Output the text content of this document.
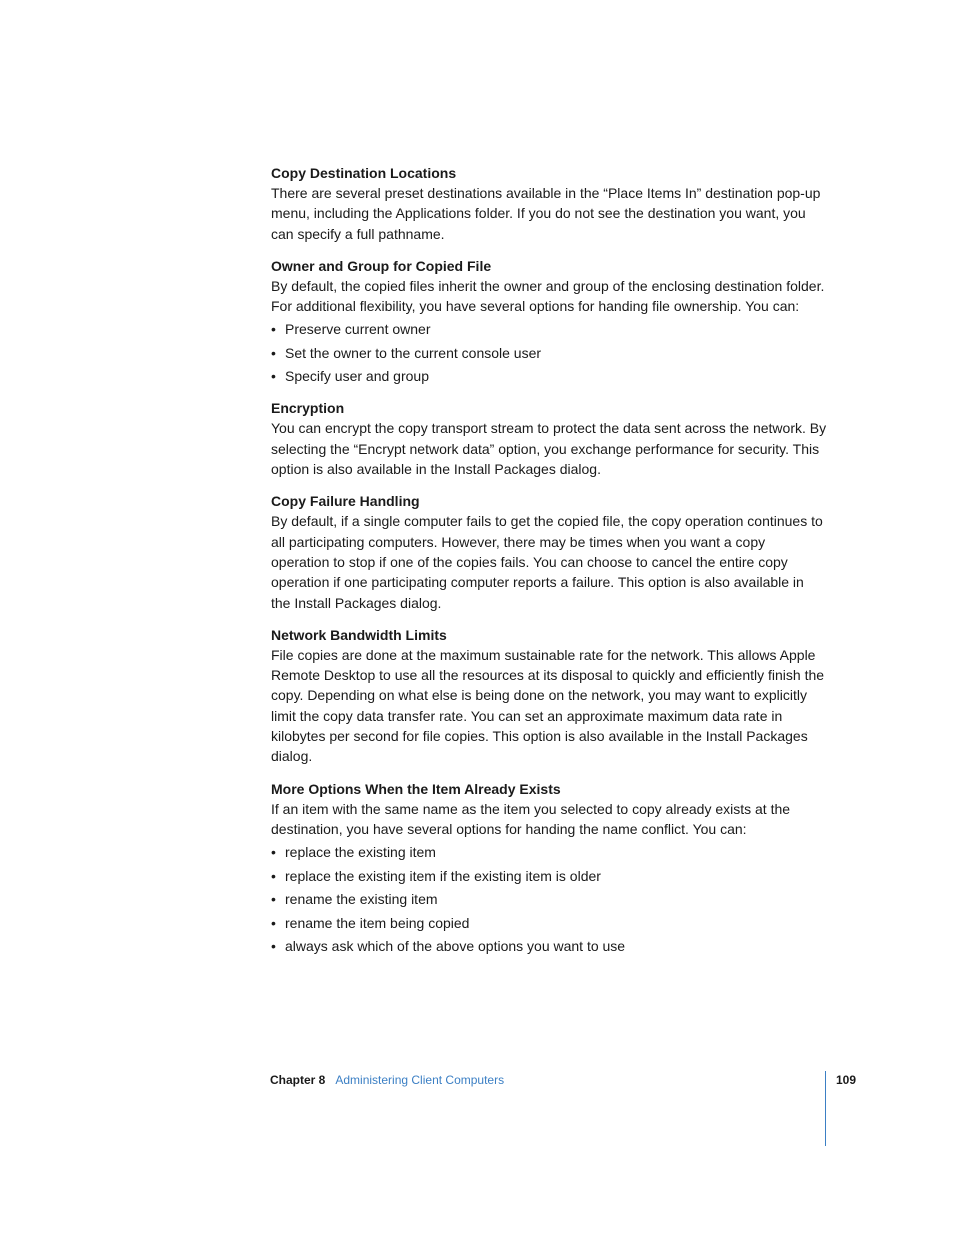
Copy Destination Locations

There are several preset destinations available in the “Place Items In” destination pop-up menu, including the Applications folder. If you do not see the destination you want, you can specify a full pathname.

Owner and Group for Copied File

By default, the copied files inherit the owner and group of the enclosing destination folder. For additional flexibility, you have several options for handing file ownership. You can:

• Preserve current owner
• Set the owner to the current console user
• Specify user and group

Encryption

You can encrypt the copy transport stream to protect the data sent across the network. By selecting the “Encrypt network data” option, you exchange performance for security. This option is also available in the Install Packages dialog.

Copy Failure Handling

By default, if a single computer fails to get the copied file, the copy operation continues to all participating computers. However, there may be times when you want a copy operation to stop if one of the copies fails. You can choose to cancel the entire copy operation if one participating computer reports a failure. This option is also available in the Install Packages dialog.

Network Bandwidth Limits

File copies are done at the maximum sustainable rate for the network. This allows Apple Remote Desktop to use all the resources at its disposal to quickly and efficiently finish the copy. Depending on what else is being done on the network, you may want to explicitly limit the copy data transfer rate. You can set an approximate maximum data rate in kilobytes per second for file copies. This option is also available in the Install Packages dialog.

More Options When the Item Already Exists

If an item with the same name as the item you selected to copy already exists at the destination, you have several options for handing the name conflict. You can:

• replace the existing item
• replace the existing item if the existing item is older
• rename the existing item
• rename the item being copied
• always ask which of the above options you want to use
Chapter 8 Administering Client Computers	109
